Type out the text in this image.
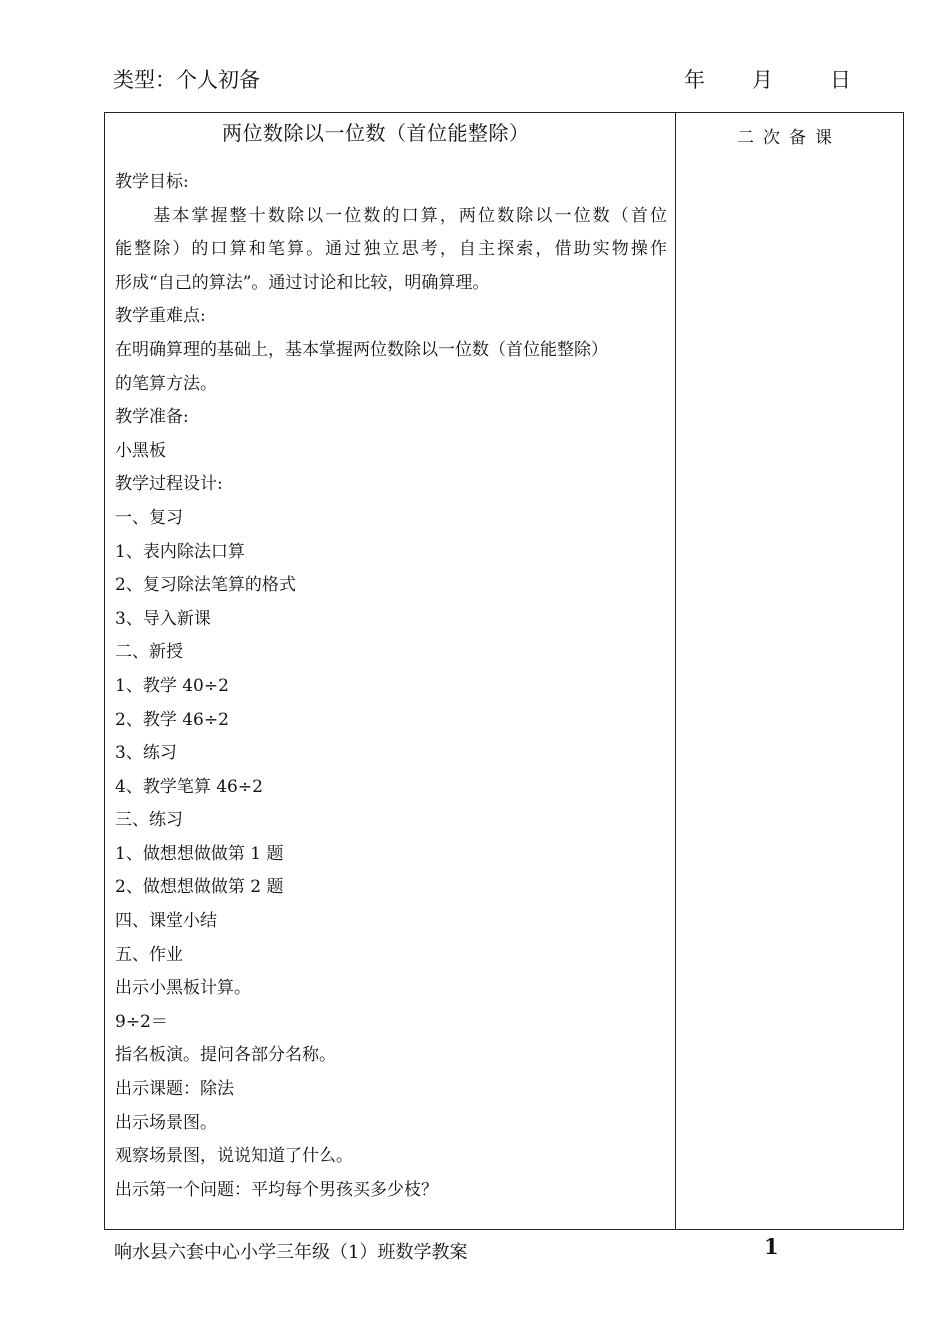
类型：个人初备	年 月	日
两位数除以一位数（首位能整除）	二次备课
教学目标:
　　基本掌握整十数除以一位数的口算，两位数除以一位数（首位
能整除）的口算和笔算。通过独立思考，自主探索，借助实物操作
形成“自己的算法”。通过讨论和比较，明确算理。
教学重难点:
在明确算理的基础上，基本掌握两位数除以一位数（首位能整除）
的笔算方法。
教学准备:
小黑板
教学过程设计:
一、复习
1、表内除法口算
2、复习除法笔算的格式
3、导入新课
二、新授
1、教学 40÷2
2、教学 46÷2
3、练习
4、教学笔算 46÷2
三、练习
1、做想想做做第 1 题
2、做想想做做第 2 题
四、课堂小结
五、作业
出示小黑板计算。
9÷2＝
指名板演。提问各部分名称。
出示课题：除法
出示场景图。
观察场景图，说说知道了什么。
出示第一个问题：平均每个男孩买多少枝？
响水县六套中心小学三年级（1）班数学教案	1
